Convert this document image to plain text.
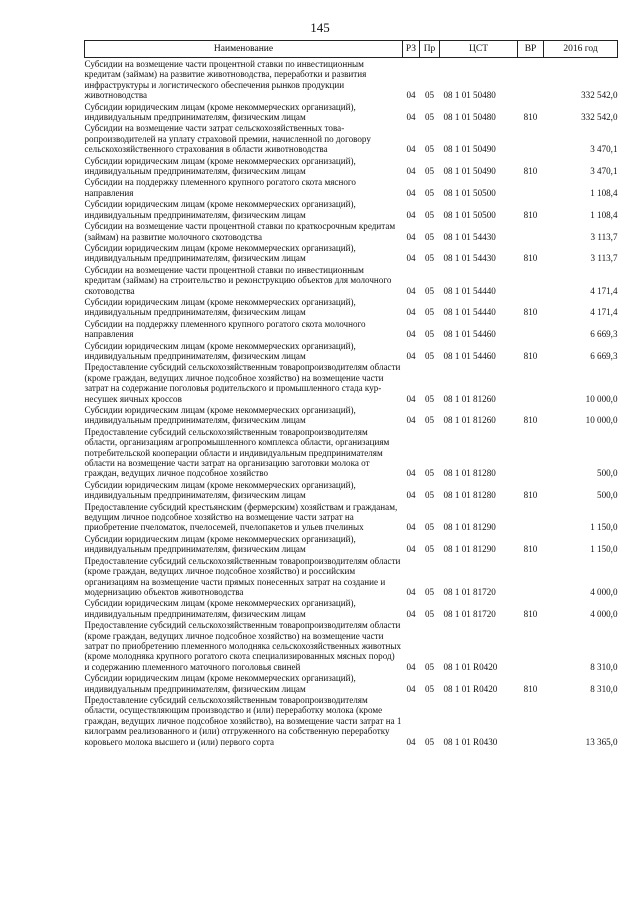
145
Наименование	РЗ	Пр	ЦСТ	ВР	2016 год
Субсидии на возмещение части процентной ставки по инвестиционным кредитам (займам) на развитие животноводства, переработки и развития инфраструктуры и логистического обеспечения рынков продукции животноводства	04	05	08 1 01 50480		332 542,0
Субсидии юридическим лицам (кроме некоммерческих организаций), индивидуальным предпринимателям, физическим лицам	04	05	08 1 01 50480	810	332 542,0
Субсидии на возмещение части затрат сельскохозяйственных товаропроизводителей на уплату страховой премии, начисленной по договору сельскохозяйственного страхования в области животноводства	04	05	08 1 01 50490		3 470,1
Субсидии юридическим лицам (кроме некоммерческих организаций), индивидуальным предпринимателям, физическим лицам	04	05	08 1 01 50490	810	3 470,1
Субсидии на поддержку племенного крупного рогатого скота мясного направления	04	05	08 1 01 50500		1 108,4
Субсидии юридическим лицам (кроме некоммерческих организаций), индивидуальным предпринимателям, физическим лицам	04	05	08 1 01 50500	810	1 108,4
Субсидии на возмещение части процентной ставки по краткосрочным кредитам (займам) на развитие молочного скотоводства	04	05	08 1 01 54430		3 113,7
Субсидии юридическим лицам (кроме некоммерческих организаций), индивидуальным предпринимателям, физическим лицам	04	05	08 1 01 54430	810	3 113,7
Субсидии на возмещение части процентной ставки по инвестиционным кредитам (займам) на строительство и реконструкцию объектов для молочного скотоводства	04	05	08 1 01 54440		4 171,4
Субсидии юридическим лицам (кроме некоммерческих организаций), индивидуальным предпринимателям, физическим лицам	04	05	08 1 01 54440	810	4 171,4
Субсидии на поддержку племенного крупного рогатого скота молочного направления	04	05	08 1 01 54460		6 669,3
Субсидии юридическим лицам (кроме некоммерческих организаций), индивидуальным предпринимателям, физическим лицам	04	05	08 1 01 54460	810	6 669,3
Предоставление субсидий сельскохозяйственным товаропроизводителям области (кроме граждан, ведущих личное подсобное хозяйство) на возмещение части затрат на содержание поголовья родительского и промышленного стада кур-несушек яичных кроссов	04	05	08 1 01 81260		10 000,0
Субсидии юридическим лицам (кроме некоммерческих организаций), индивидуальным предпринимателям, физическим лицам	04	05	08 1 01 81260	810	10 000,0
Предоставление субсидий сельскохозяйственным товаропроизводителям области, организациям агропромышленного комплекса области, организациям потребительской кооперации области и индивидуальным предпринимателям области на возмещение части затрат на организацию заготовки молока от граждан, ведущих личное подсобное хозяйство	04	05	08 1 01 81280		500,0
Субсидии юридическим лицам (кроме некоммерческих организаций), индивидуальным предпринимателям, физическим лицам	04	05	08 1 01 81280	810	500,0
Предоставление субсидий крестьянским (фермерским) хозяйствам и гражданам, ведущим личное подсобное хозяйство на возмещение части затрат на приобретение пчеломаток, пчелосемей, пчелопакетов и ульев пчелиных	04	05	08 1 01 81290		1 150,0
Субсидии юридическим лицам (кроме некоммерческих организаций), индивидуальным предпринимателям, физическим лицам	04	05	08 1 01 81290	810	1 150,0
Предоставление субсидий сельскохозяйственным товаропроизводителям области (кроме граждан, ведущих личное подсобное хозяйство) и российским организациям на возмещение части прямых понесенных затрат на создание и модернизацию объектов животноводства	04	05	08 1 01 81720		4 000,0
Субсидии юридическим лицам (кроме некоммерческих организаций), индивидуальным предпринимателям, физическим лицам	04	05	08 1 01 81720	810	4 000,0
Предоставление субсидий сельскохозяйственным товаропроизводителям области (кроме граждан, ведущих личное подсобное хозяйство) на возмещение части затрат по приобретению племенного молодняка сельскохозяйственных животных (кроме молодняка крупного рогатого скота специализированных мясных пород) и содержанию племенного маточного поголовья свиней	04	05	08 1 01 R0420		8 310,0
Субсидии юридическим лицам (кроме некоммерческих организаций), индивидуальным предпринимателям, физическим лицам	04	05	08 1 01 R0420	810	8 310,0
Предоставление субсидий сельскохозяйственным товаропроизводителям области, осуществляющим производство и (или) переработку молока (кроме граждан, ведущих личное подсобное хозяйство), на возмещение части затрат на 1 килограмм реализованного и (или) отгруженного на собственную переработку коровьего молока высшего и (или) первого сорта	04	05	08 1 01 R0430		13 365,0
